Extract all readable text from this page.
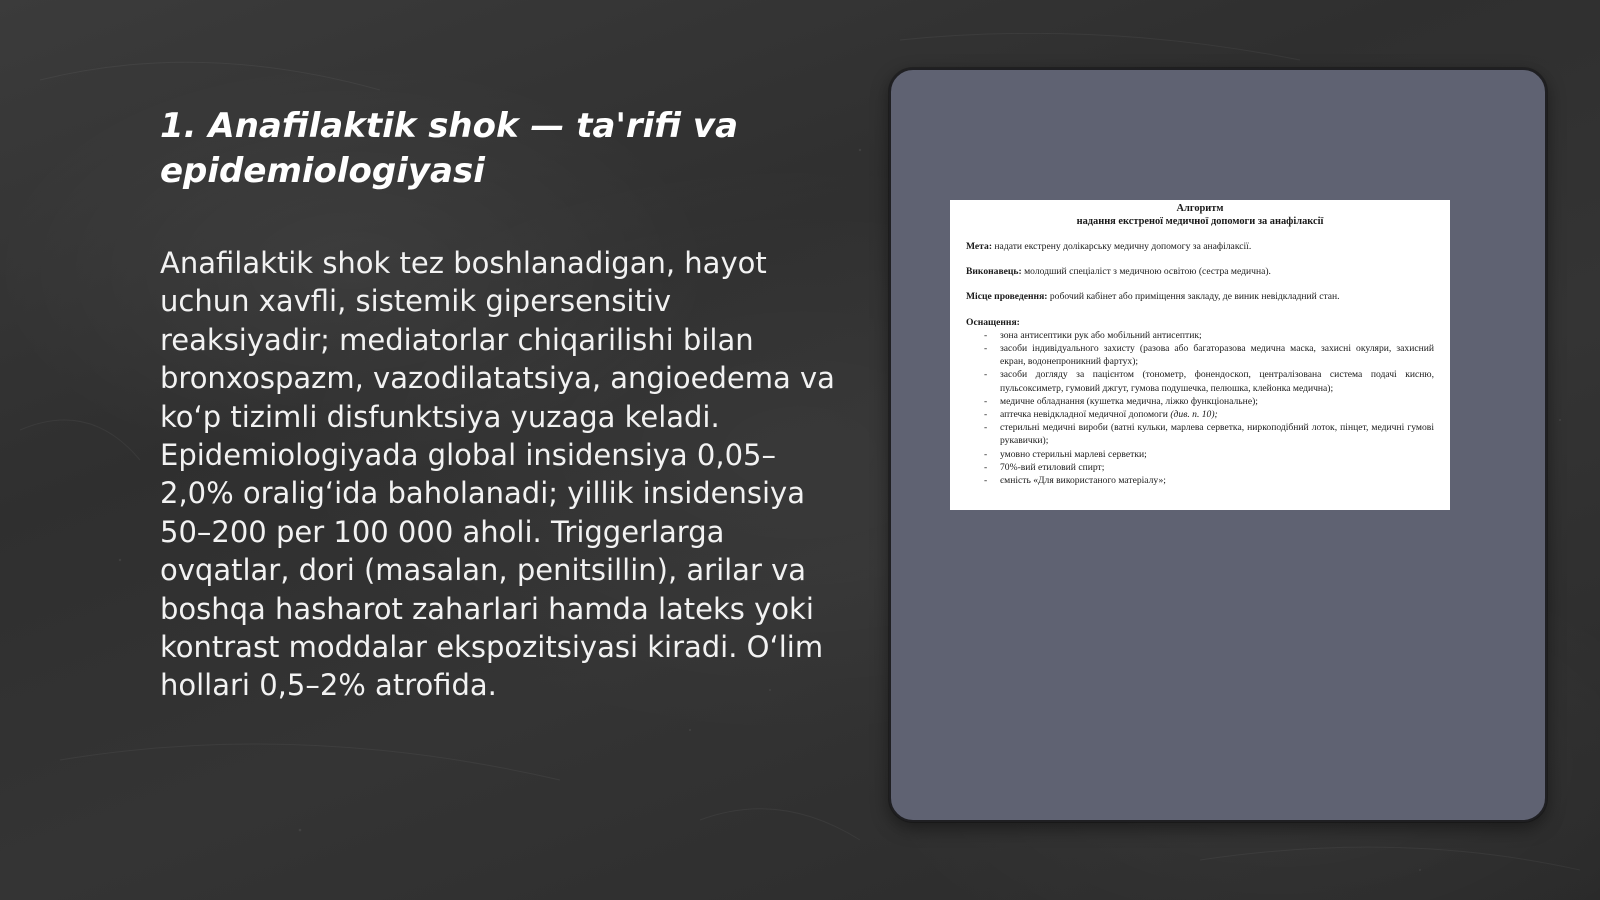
1. Anafilaktik shok — ta'rifi va epidemiologiyasi

Anafilaktik shok tez boshlanadigan, hayot uchun xavfli, sistemik gipersensitiv reaksiyadir; mediatorlar chiqarilishi bilan bronxospazm, vazodilatatsiya, angioedema va koʻp tizimli disfunktsiya yuzaga keladi. Epidemiologiyada global insidensiya 0,05–2,0% oraligʻida baholanadi; yillik insidensiya 50–200 per 100 000 aholi. Triggerlarga ovqatlar, dori (masalan, penitsillin), arilar va boshqa hasharot zaharlari hamda lateks yoki kontrast moddalar ekspozitsiyasi kiradi. Oʻlim hollari 0,5–2% atrofida.

Алгоритм
надання екстреної медичної допомоги за анафілаксії

Мета: надати екстрену долікарську медичну допомогу за анафілаксії.

Виконавець: молодший спеціаліст з медичною освітою (сестра медична).

Місце проведення: робочий кабінет або приміщення закладу, де виник невідкладний стан.

Оснащення:

- зона антисептики рук або мобільний антисептик;
- засоби індивідуального захисту (разова або багаторазова медична маска, захисні окуляри, захисний екран, водонепроникний фартух);
- засоби догляду за пацієнтом (тонометр, фонендоскоп, централізована система подачі кисню, пульсоксиметр, гумовий джгут, гумова подушечка, пелюшка, клейонка медична);
- медичне обладнання (кушетка медична, ліжко функціональне);
- аптечка невідкладної медичної допомоги (див. п. 10);
- стерильні медичні вироби (ватні кульки, марлева серветка, ниркоподібний лоток, пінцет, медичні гумові рукавички);
- умовно стерильні марлеві серветки;
- 70%-вий етиловий спирт;
- ємність «Для використаного матеріалу»;
